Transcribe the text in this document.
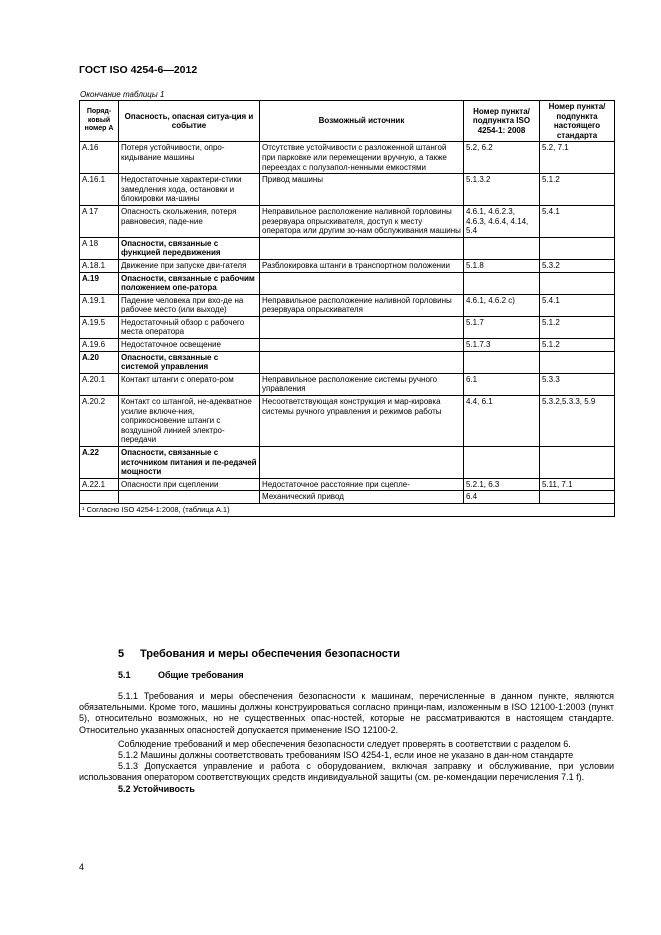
ГОСТ ISO 4254-6—2012
Окончание таблицы 1
Поряд-ковый номер A	Опасность, опасная ситуа-ция и событие	Возможный источник	Номер пункта/ подпункта ISO 4254-1: 2008	Номер пункта/ подпункта настоящего стандарта
A.16	Потеря устойчивости, опро-кидывание машины	Отсутствие устойчивости с разложенной штангой при парковке или перемещении вручную, а также переездах с полузапол-ненными емкостями	5.2, 6.2	5.2, 7.1
A.16.1	Недостаточные характери-стики замедления хода, остановки и блокировки ма-шины	Привод машины	5.1.3.2	5.1.2
A 17	Опасность скольжения, потеря равновесия, паде-ние	Неправильное расположение наливной горловины резервуара опрыскивателя, доступ к месту оператора или другим зо-нам обслуживания машины	4.6.1, 4.6.2.3, 4.6.3, 4.6.4, 4.14, 5.4	5.4.1
A 18	Опасности, связанные с функцией передвижения			
A.18.1	Движение при запуске дви-гателя	Разблокировка штанги в транспортном положении	5.1.8	5.3.2
A.19	Опасности, связанные с рабочим положением опе-ратора			
A.19.1	Падение человека при вхо-де на рабочее место (или выходе)	Неправильное расположение наливной горловины резервуара опрыскивателя	4.6.1, 4.6.2 c)	5.4.1
A.19.5	Недостаточный обзор с рабочего места оператора		5.1.7	5.1.2
A.19.6	Недостаточное освещение		5.1.7.3	5.1.2
A.20	Опасности, связанные с системой управления			
A.20.1	Контакт штанги с операто-ром	Неправильное расположение системы ручного управления	6.1	5.3.3
A.20.2	Контакт со штангой, не-адекватное усилие включе-ния, соприкосновение штанги с воздушной линией электро-передачи	Несоответствующая конструкция и мар-кировка системы ручного управления и режимов работы	4.4, 6.1	5.3.2,5.3.3, 5.9
A.22	Опасности, связанные с источником питания и пе-редачей мощности			
A.22.1	Опасности при сцеплении	Недостаточное расстояние при сцепле-	5.2.1, 6.3	5.11, 7.1
		Механический привод	6.4	
¹ Согласно ISO 4254-1:2008, (таблица A.1)				
5 Требования и меры обеспечения безопасности
5.1	Общие требования

5.1.1 Требования и меры обеспечения безопасности к машинам, перечисленные в данном пункте, являются обязательными. Кроме того, машины должны конструироваться согласно принци-пам, изложенным в ISO 12100-1:2003 (пункт 5), относительно возможных, но не существенных опас-ностей, которые не рассматриваются в настоящем стандарте. Относительно указанных опасностей допускается применение ISO 12100-2.

Соблюдение требований и мер обеспечения безопасности следует проверять в соответствии с разделом 6.

5.1.2 Машины должны соответствовать требованиям ISO 4254-1, если иное не указано в дан-ном стандарте

5.1.3 Допускается управление и работа с оборудованием, включая заправку и обслуживание, при условии использования оператором соответствующих средств индивидуальной защиты (см. ре-комендации перечисления 7.1 f).

5.2 Устойчивость

4
